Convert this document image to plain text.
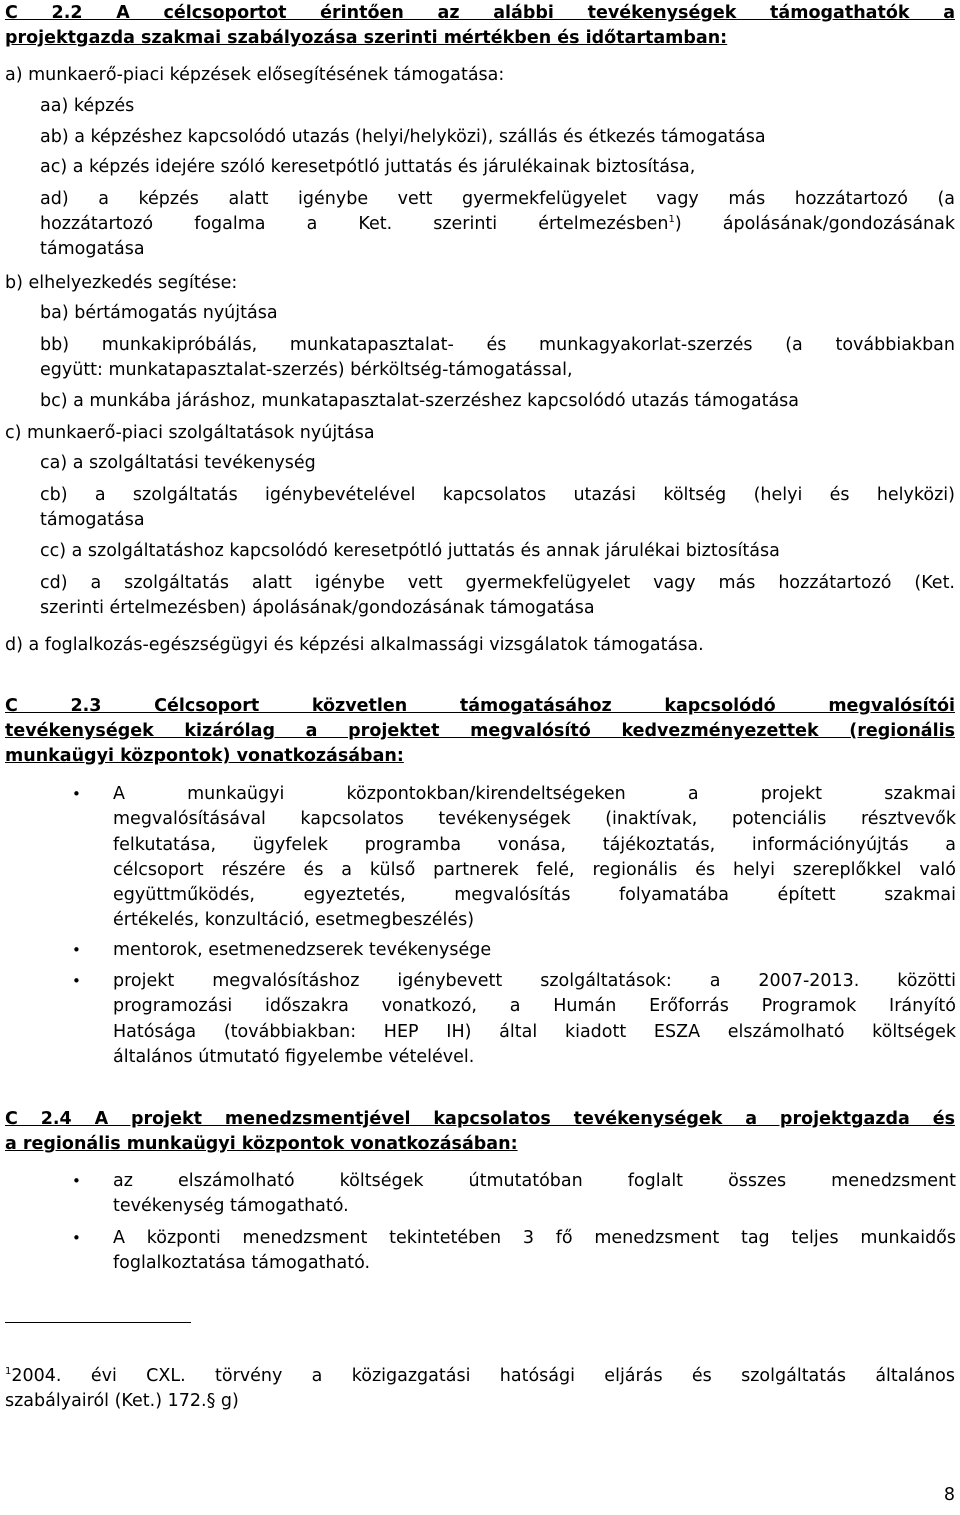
C 2.2 A célcsoportot érintően az alábbi tevékenységek támogathatók a
projektgazda szakmai szabályozása szerinti mértékben és időtartamban:
a) munkaerő-piaci képzések elősegítésének támogatása:
aa) képzés
ab) a képzéshez kapcsolódó utazás (helyi/helyközi), szállás és étkezés támogatása
ac) a képzés idejére szóló keresetpótló juttatás és járulékainak biztosítása,
ad) a képzés alatt igénybe vett gyermekfelügyelet vagy más hozzátartozó (a
hozzátartozó fogalma a Ket. szerinti értelmezésben$^1$) ápolásának/gondozásának
támogatása
b) elhelyezkedés segítése:
ba) bértámogatás nyújtása
bb) munkakipróbálás, munkatapasztalat- és munkagyakorlat-szerzés (a továbbiakban
együtt: munkatapasztalat-szerzés) bérköltség-támogatással,
bc) a munkába járáshoz, munkatapasztalat-szerzéshez kapcsolódó utazás támogatása
c) munkaerő-piaci szolgáltatások nyújtása
ca) a szolgáltatási tevékenység
cb) a szolgáltatás igénybevételével kapcsolatos utazási költség (helyi és helyközi)
támogatása
cc) a szolgáltatáshoz kapcsolódó keresetpótló juttatás és annak járulékai biztosítása
cd) a szolgáltatás alatt igénybe vett gyermekfelügyelet vagy más hozzátartozó (Ket.
szerinti értelmezésben) ápolásának/gondozásának támogatása
d) a foglalkozás-egészségügyi és képzési alkalmassági vizsgálatok támogatása.
C 2.3 Célcsoport közvetlen támogatásához kapcsolódó megvalósítói
tevékenységek kizárólag a projektet megvalósító kedvezményezettek (regionális
munkaügyi központok) vonatkozásában:
• A munkaügyi központokban/kirendeltségeken a projekt szakmai
megvalósításával kapcsolatos tevékenységek (inaktívak, potenciális résztvevők
felkutatása, ügyfelek programba vonása, tájékoztatás, információnyújtás a
célcsoport részére és a külső partnerek felé, regionális és helyi szereplőkkel való
együttműködés, egyeztetés, megvalósítás folyamatába épített szakmai
értékelés, konzultáció, esetmegbeszélés)
• mentorok, esetmenedzserek tevékenysége
• projekt megvalósításhoz igénybevett szolgáltatások: a 2007-2013. közötti
programozási időszakra vonatkozó, a Humán Erőforrás Programok Irányító
Hatósága (továbbiakban: HEP IH) által kiadott ESZA elszámolható költségek
általános útmutató figyelembe vételével.
C 2.4 A projekt menedzsmentjével kapcsolatos tevékenységek a projektgazda és
a regionális munkaügyi központok vonatkozásában:
• az elszámolható költségek útmutatóban foglalt összes menedzsment
tevékenység támogatható.
• A központi menedzsment tekintetében 3 fő menedzsment tag teljes munkaidős
foglalkoztatása támogatható.
$^1$2004. évi CXL. törvény a közigazgatási hatósági eljárás és szolgáltatás általános
szabályairól (Ket.) 172.§ g)
8
